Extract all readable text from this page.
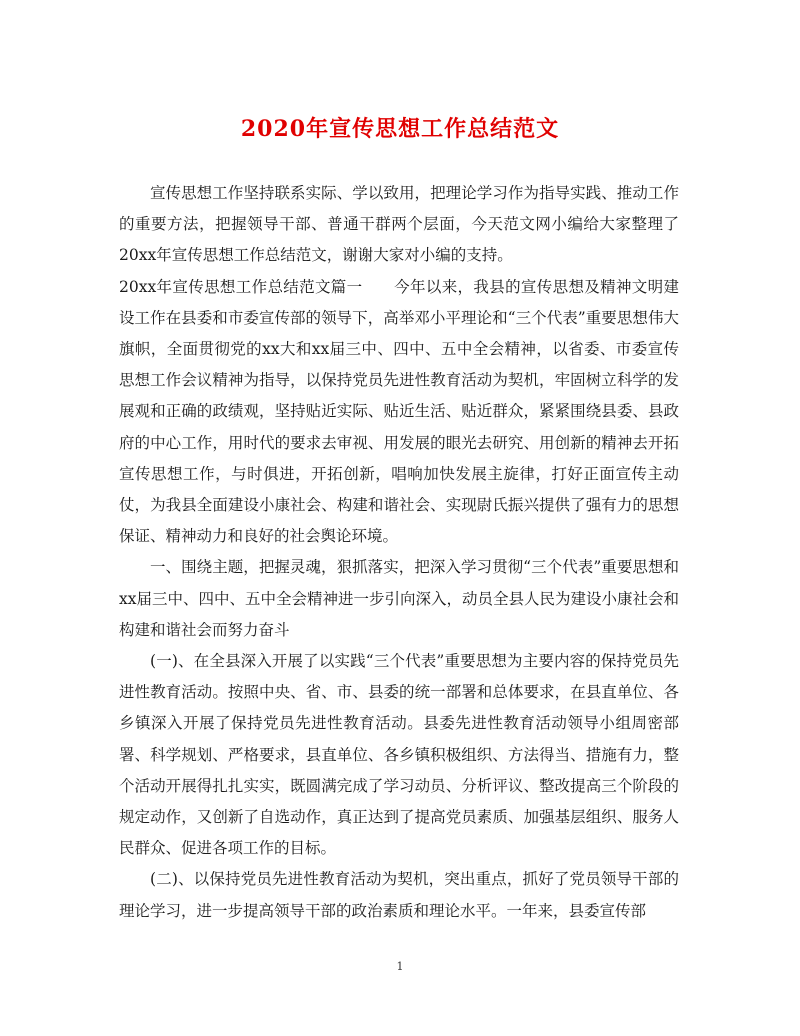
2020年宣传思想工作总结范文

宣传思想工作坚持联系实际、学以致用，把理论学习作为指导实践、推动工作的重要方法，把握领导干部、普通干群两个层面，今天范文网小编给大家整理了20xx年宣传思想工作总结范文，谢谢大家对小编的支持。

20xx年宣传思想工作总结范文篇一　　今年以来，我县的宣传思想及精神文明建设工作在县委和市委宣传部的领导下，高举邓小平理论和“三个代表”重要思想伟大旗帜，全面贯彻党的xx大和xx届三中、四中、五中全会精神，以省委、市委宣传思想工作会议精神为指导，以保持党员先进性教育活动为契机，牢固树立科学的发展观和正确的政绩观，坚持贴近实际、贴近生活、贴近群众，紧紧围绕县委、县政府的中心工作，用时代的要求去审视、用发展的眼光去研究、用创新的精神去开拓宣传思想工作，与时俱进，开拓创新，唱响加快发展主旋律，打好正面宣传主动仗，为我县全面建设小康社会、构建和谐社会、实现尉氏振兴提供了强有力的思想保证、精神动力和良好的社会舆论环境。

一、围绕主题，把握灵魂，狠抓落实，把深入学习贯彻“三个代表”重要思想和xx届三中、四中、五中全会精神进一步引向深入，动员全县人民为建设小康社会和构建和谐社会而努力奋斗

(一)、在全县深入开展了以实践“三个代表”重要思想为主要内容的保持党员先进性教育活动。按照中央、省、市、县委的统一部署和总体要求，在县直单位、各乡镇深入开展了保持党员先进性教育活动。县委先进性教育活动领导小组周密部署、科学规划、严格要求，县直单位、各乡镇积极组织、方法得当、措施有力，整个活动开展得扎扎实实，既圆满完成了学习动员、分析评议、整改提高三个阶段的规定动作，又创新了自选动作，真正达到了提高党员素质、加强基层组织、服务人民群众、促进各项工作的目标。

(二)、以保持党员先进性教育活动为契机，突出重点，抓好了党员领导干部的理论学习，进一步提高领导干部的政治素质和理论水平。一年来，县委宣传部

1
